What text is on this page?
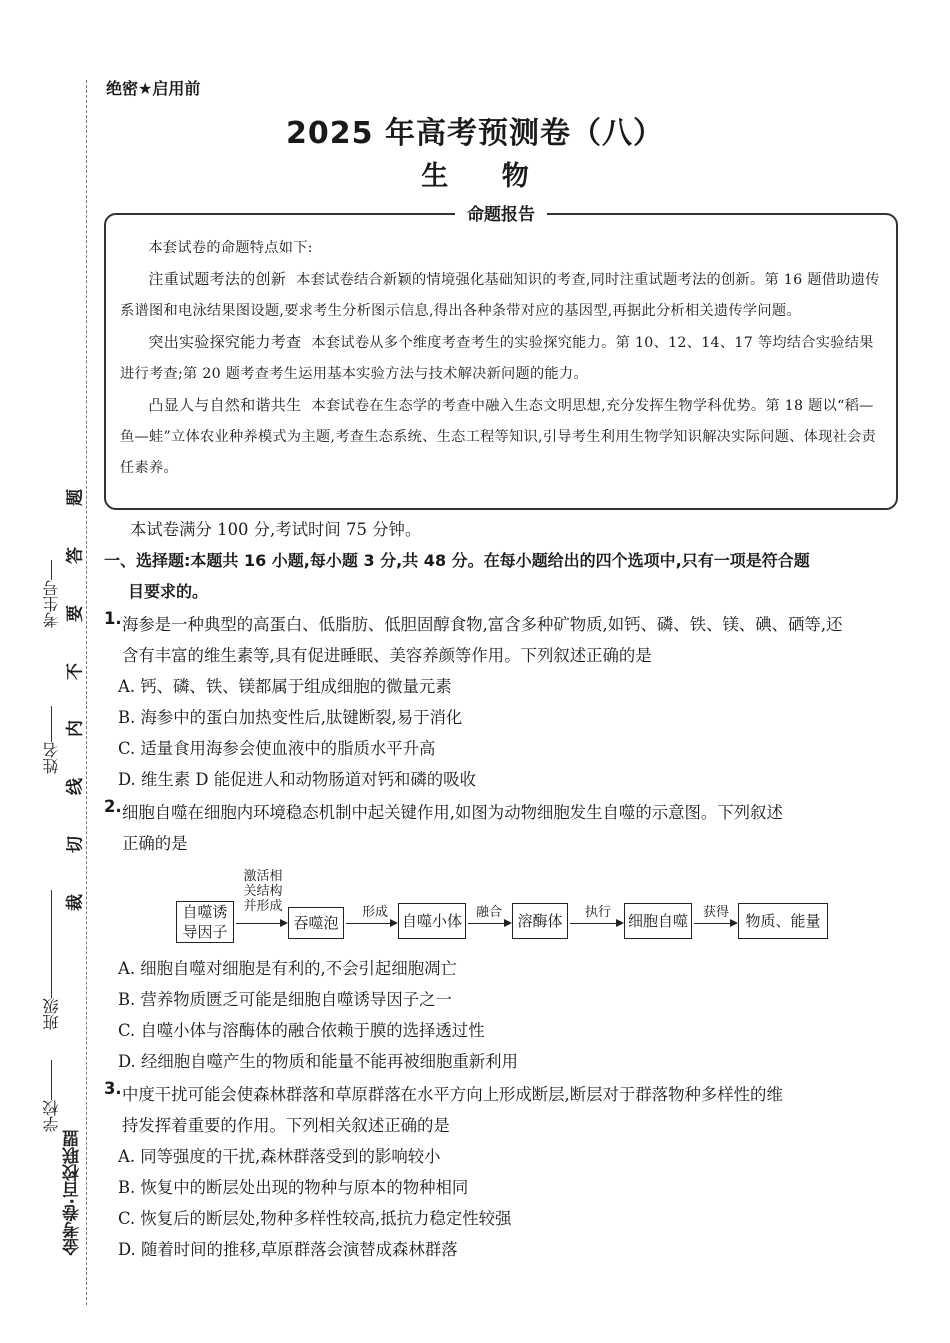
考生号
姓名
班级
学校
题
答
要
不
内
线
切
裁
金考卷·百校联盟
绝密★启用前
2025 年高考预测卷（八）
生 物
命题报告

本套试卷的命题特点如下:

注重试题考法的创新 本套试卷结合新颖的情境强化基础知识的考查,同时注重试题考法的创新。第 16 题借助遗传系谱图和电泳结果图设题,要求考生分析图示信息,得出各种条带对应的基因型,再据此分析相关遗传学问题。

突出实验探究能力考查 本套试卷从多个维度考查考生的实验探究能力。第 10、12、14、17 等均结合实验结果进行考查;第 20 题考查考生运用基本实验方法与技术解决新问题的能力。

凸显人与自然和谐共生 本套试卷在生态学的考查中融入生态文明思想,充分发挥生物学科优势。第 18 题以“稻—鱼—蛙”立体农业种养模式为主题,考查生态系统、生态工程等知识,引导考生利用生物学知识解决实际问题、体现社会责任素养。

本试卷满分 100 分,考试时间 75 分钟。

一、选择题:本题共 16 小题,每小题 3 分,共 48 分。在每小题给出的四个选项中,只有一项是符合题
目要求的。
1. 海参是一种典型的高蛋白、低脂肪、低胆固醇食物,富含多种矿物质,如钙、磷、铁、镁、碘、硒等,还

含有丰富的维生素等,具有促进睡眠、美容养颜等作用。下列叙述正确的是

A. 钙、磷、铁、镁都属于组成细胞的微量元素
B. 海参中的蛋白加热变性后,肽键断裂,易于消化
C. 适量食用海参会使血液中的脂质水平升高
D. 维生素 D 能促进人和动物肠道对钙和磷的吸收
2. 细胞自噬在细胞内环境稳态机制中起关键作用,如图为动物细胞发生自噬的示意图。下列叙述

正确的是

自噬诱
导因子
激活相
关结构
并形成
吞噬泡
形成 自噬小体	融合	溶酶体	执行	细胞自噬	获得	物质、能量
A. 细胞自噬对细胞是有利的,不会引起细胞凋亡
B. 营养物质匮乏可能是细胞自噬诱导因子之一
C. 自噬小体与溶酶体的融合依赖于膜的选择透过性
D. 经细胞自噬产生的物质和能量不能再被细胞重新利用
3. 中度干扰可能会使森林群落和草原群落在水平方向上形成断层,断层对于群落物种多样性的维

持发挥着重要的作用。下列相关叙述正确的是

A. 同等强度的干扰,森林群落受到的影响较小
B. 恢复中的断层处出现的物种与原本的物种相同
C. 恢复后的断层处,物种多样性较高,抵抗力稳定性较强
D. 随着时间的推移,草原群落会演替成森林群落
